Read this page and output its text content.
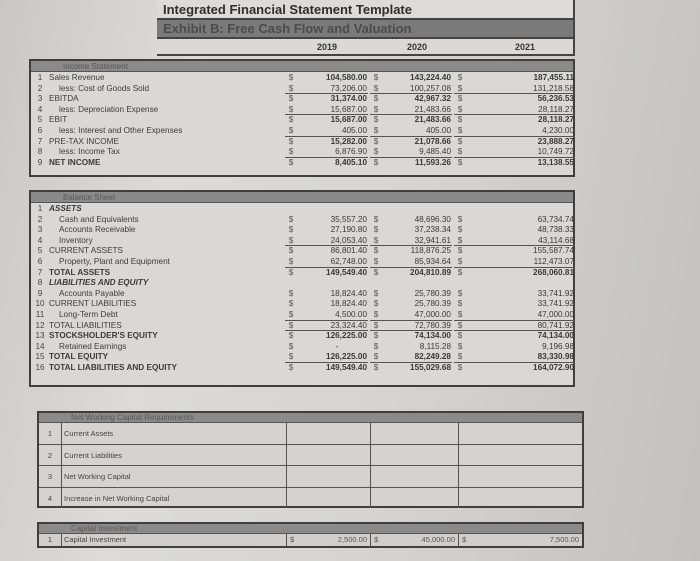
Integrated Financial Statement Template
Exhibit B: Free Cash Flow and Valuation
2019	2020	2021
Income Statement
1 Sales Revenue	$	104,580.00 $	143,224.40 $	187,455.11
2	less: Cost of Goods Sold	$	73,206.00 $	100,257.08 $	131,218.58
3 EBITDA	$	31,374.00 $	42,967.32 $	56,236.53
4	less: Depreciation Expense	$	15,687.00 $	21,483.66 $	28,118.27
5 EBIT	$	15,687.00 $	21,483.66 $	28,118.27
6	less: Interest and Other Expenses	$	405.00 $	405.00 $	4,230.00
7 PRE-TAX INCOME	$	15,282.00 $	21,078.66 $	23,888.27
8	less: Income Tax	$	6,876.90 $	9,485.40 $	10,749.72
9 NET INCOME	$	8,405.10 $	11,593.26 $	13,138.55
Balance Sheet
1 ASSETS
2	Cash and Equivalents	$	35,557.20 $	48,696.30 $	63,734.74
3	Accounts Receivable	$	27,190.80 $	37,238.34 $	48,738.33
4	Inventory	$	24,053.40 $	32,941.61 $	43,114.68
5 CURRENT ASSETS	$	86,801.40 $	118,876.25 $	155,587.74
6	Property, Plant and Equipment	$	62,748.00 $	85,934.64 $	112,473.07
7 TOTAL ASSETS	$	149,549.40 $	204,810.89 $	268,060.81
8 LIABILITIES AND EQUITY
9	Accounts Payable	$	18,824.40 $	25,780.39 $	33,741.92
10 CURRENT LIABILITIES	$	18,824.40 $	25,780.39 $	33,741.92
11	Long-Term Debt	$	4,500.00 $	47,000.00 $	47,000.00
12 TOTAL LIABILITIES	$	23,324.40 $	72,780.39 $	80,741.92
13 STOCKSHOLDER'S EQUITY	$	126,225.00 $	74,134.00 $	74,134.00
14 Retained Earnings	$	-	$	8,115.28 $	9,196.98
15 TOTAL EQUITY	$	126,225.00 $	82,249.28 $	83,330.98
16 TOTAL LIABILITIES AND EQUITY	$	149,549.40 $	155,029.68 $	164,072.90
Net Working Capital Requirements
1	Current Assets
2	Current Liabilities
3	Net Working Capital
4	Increase in Net Working Capital
Capital Investment
1	Capital Investment	$	2,500.00 $	45,000.00 $	7,500.00
